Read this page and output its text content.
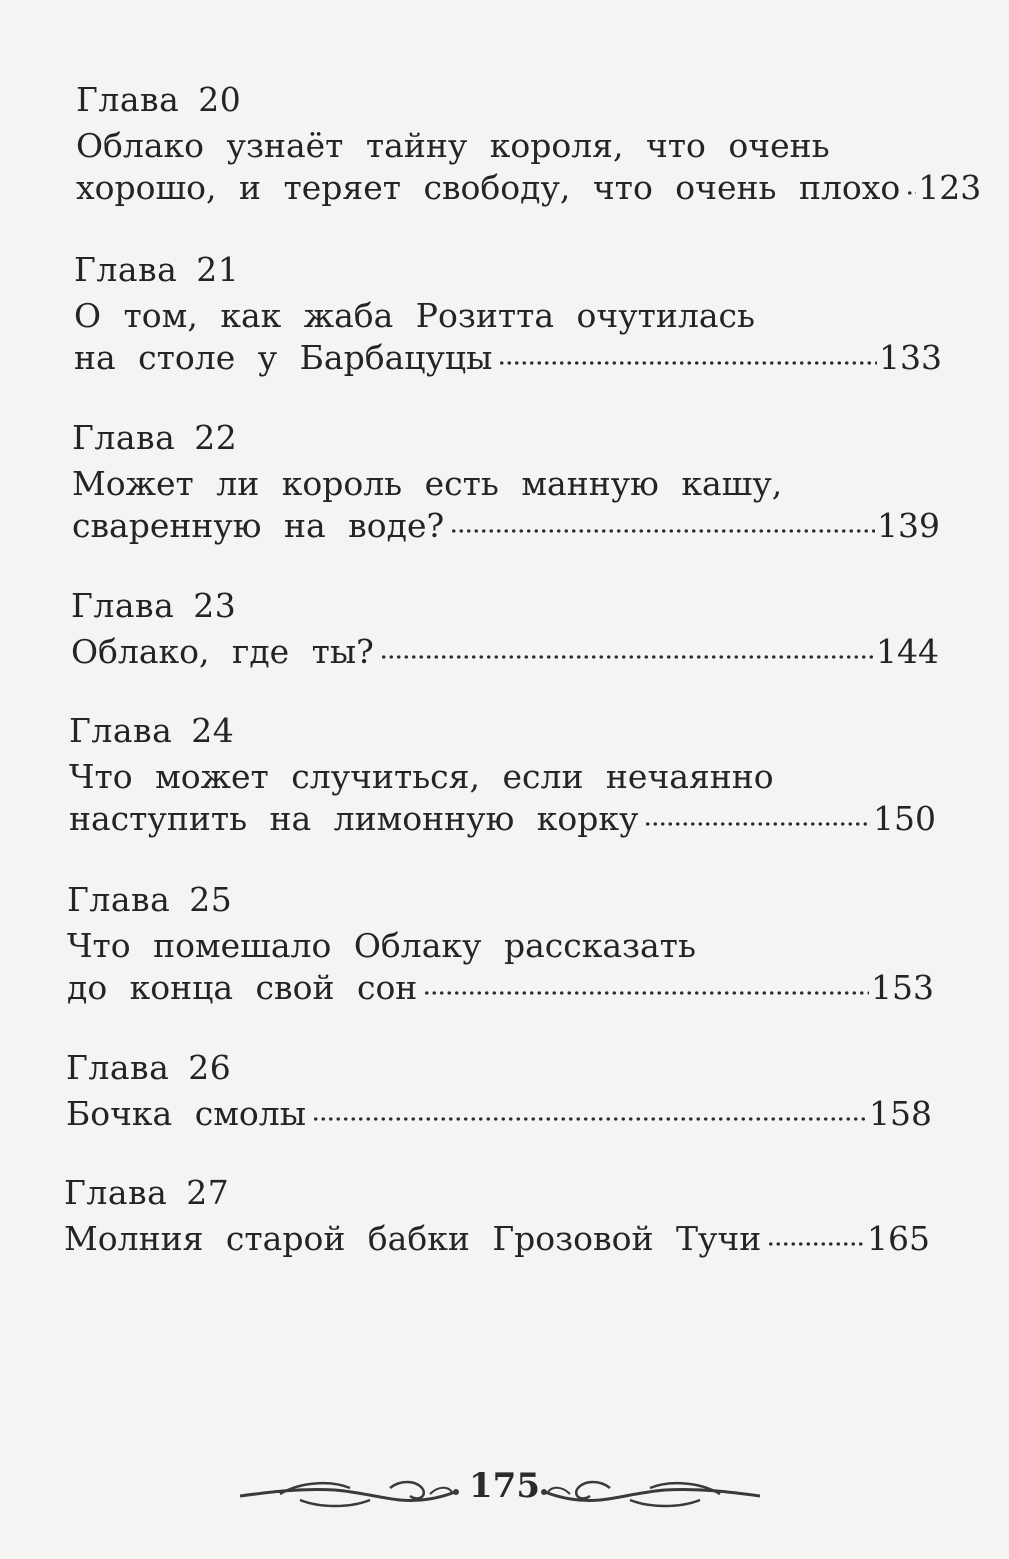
Глава 20
Облако узнаёт тайну короля, что очень
хорошо, и теряет свободу, что очень плохо 123
Глава 21
О том, как жаба Розитта очутилась
на столе у Барбацуцы	133
Глава 22
Может ли король есть манную кашу,
сваренную на воде?	139
Глава 23
Облако, где ты?	144
Глава 24
Что может случиться, если нечаянно
наступить на лимонную корку	150
Глава 25
Что помешало Облаку рассказать
до конца свой сон	153
Глава 26
Бочка смолы	158
Глава 27
Молния старой бабки Грозовой Тучи	165
175
